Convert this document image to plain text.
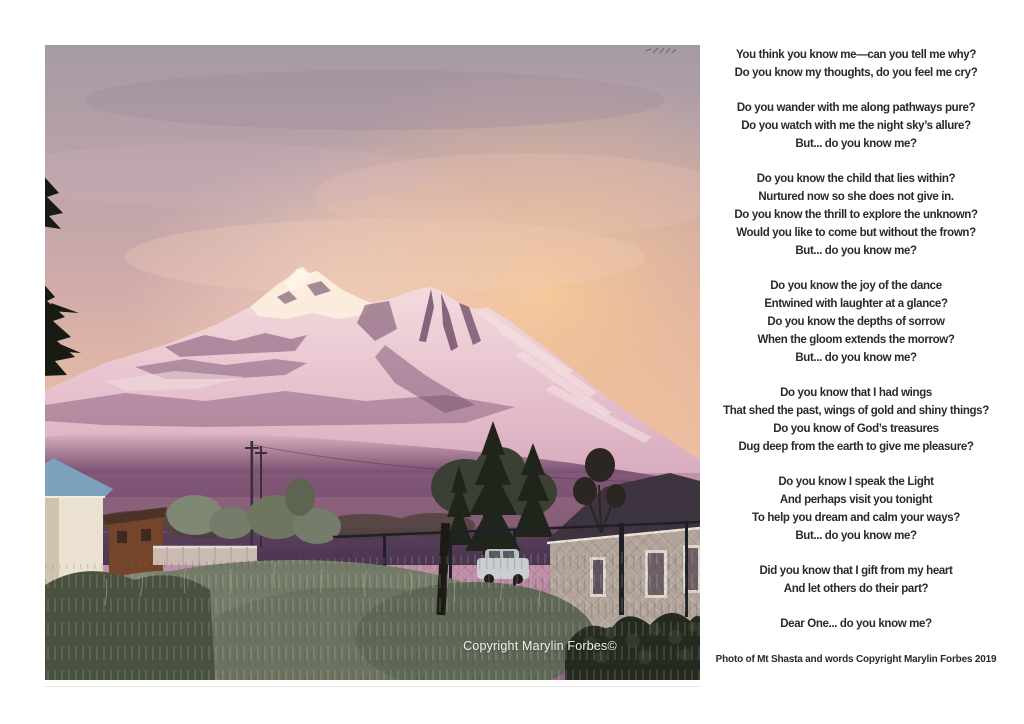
Copyright Marylin Forbes©

You think you know me—can you tell me why?

Do you know my thoughts, do you feel me cry?

Do you wander with me along pathways pure?

Do you watch with me the night sky’s allure?

But... do you know me?

Do you know the child that lies within?

Nurtured now so she does not give in.

Do you know the thrill to explore the unknown?

Would you like to come but without the frown?

But... do you know me?

Do you know the joy of the dance

Entwined with laughter at a glance?

Do you know the depths of sorrow

When the gloom extends the morrow?

But... do you know me?

Do you know that I had wings

That shed the past, wings of gold and shiny things?

Do you know of God’s treasures

Dug deep from the earth to give me pleasure?

Do you know I speak the Light

And perhaps visit you tonight

To help you dream and calm your ways?

But... do you know me?

Did you know that I gift from my heart

And let others do their part?

Dear One... do you know me?

Photo of Mt Shasta and words Copyright Marylin Forbes 2019
